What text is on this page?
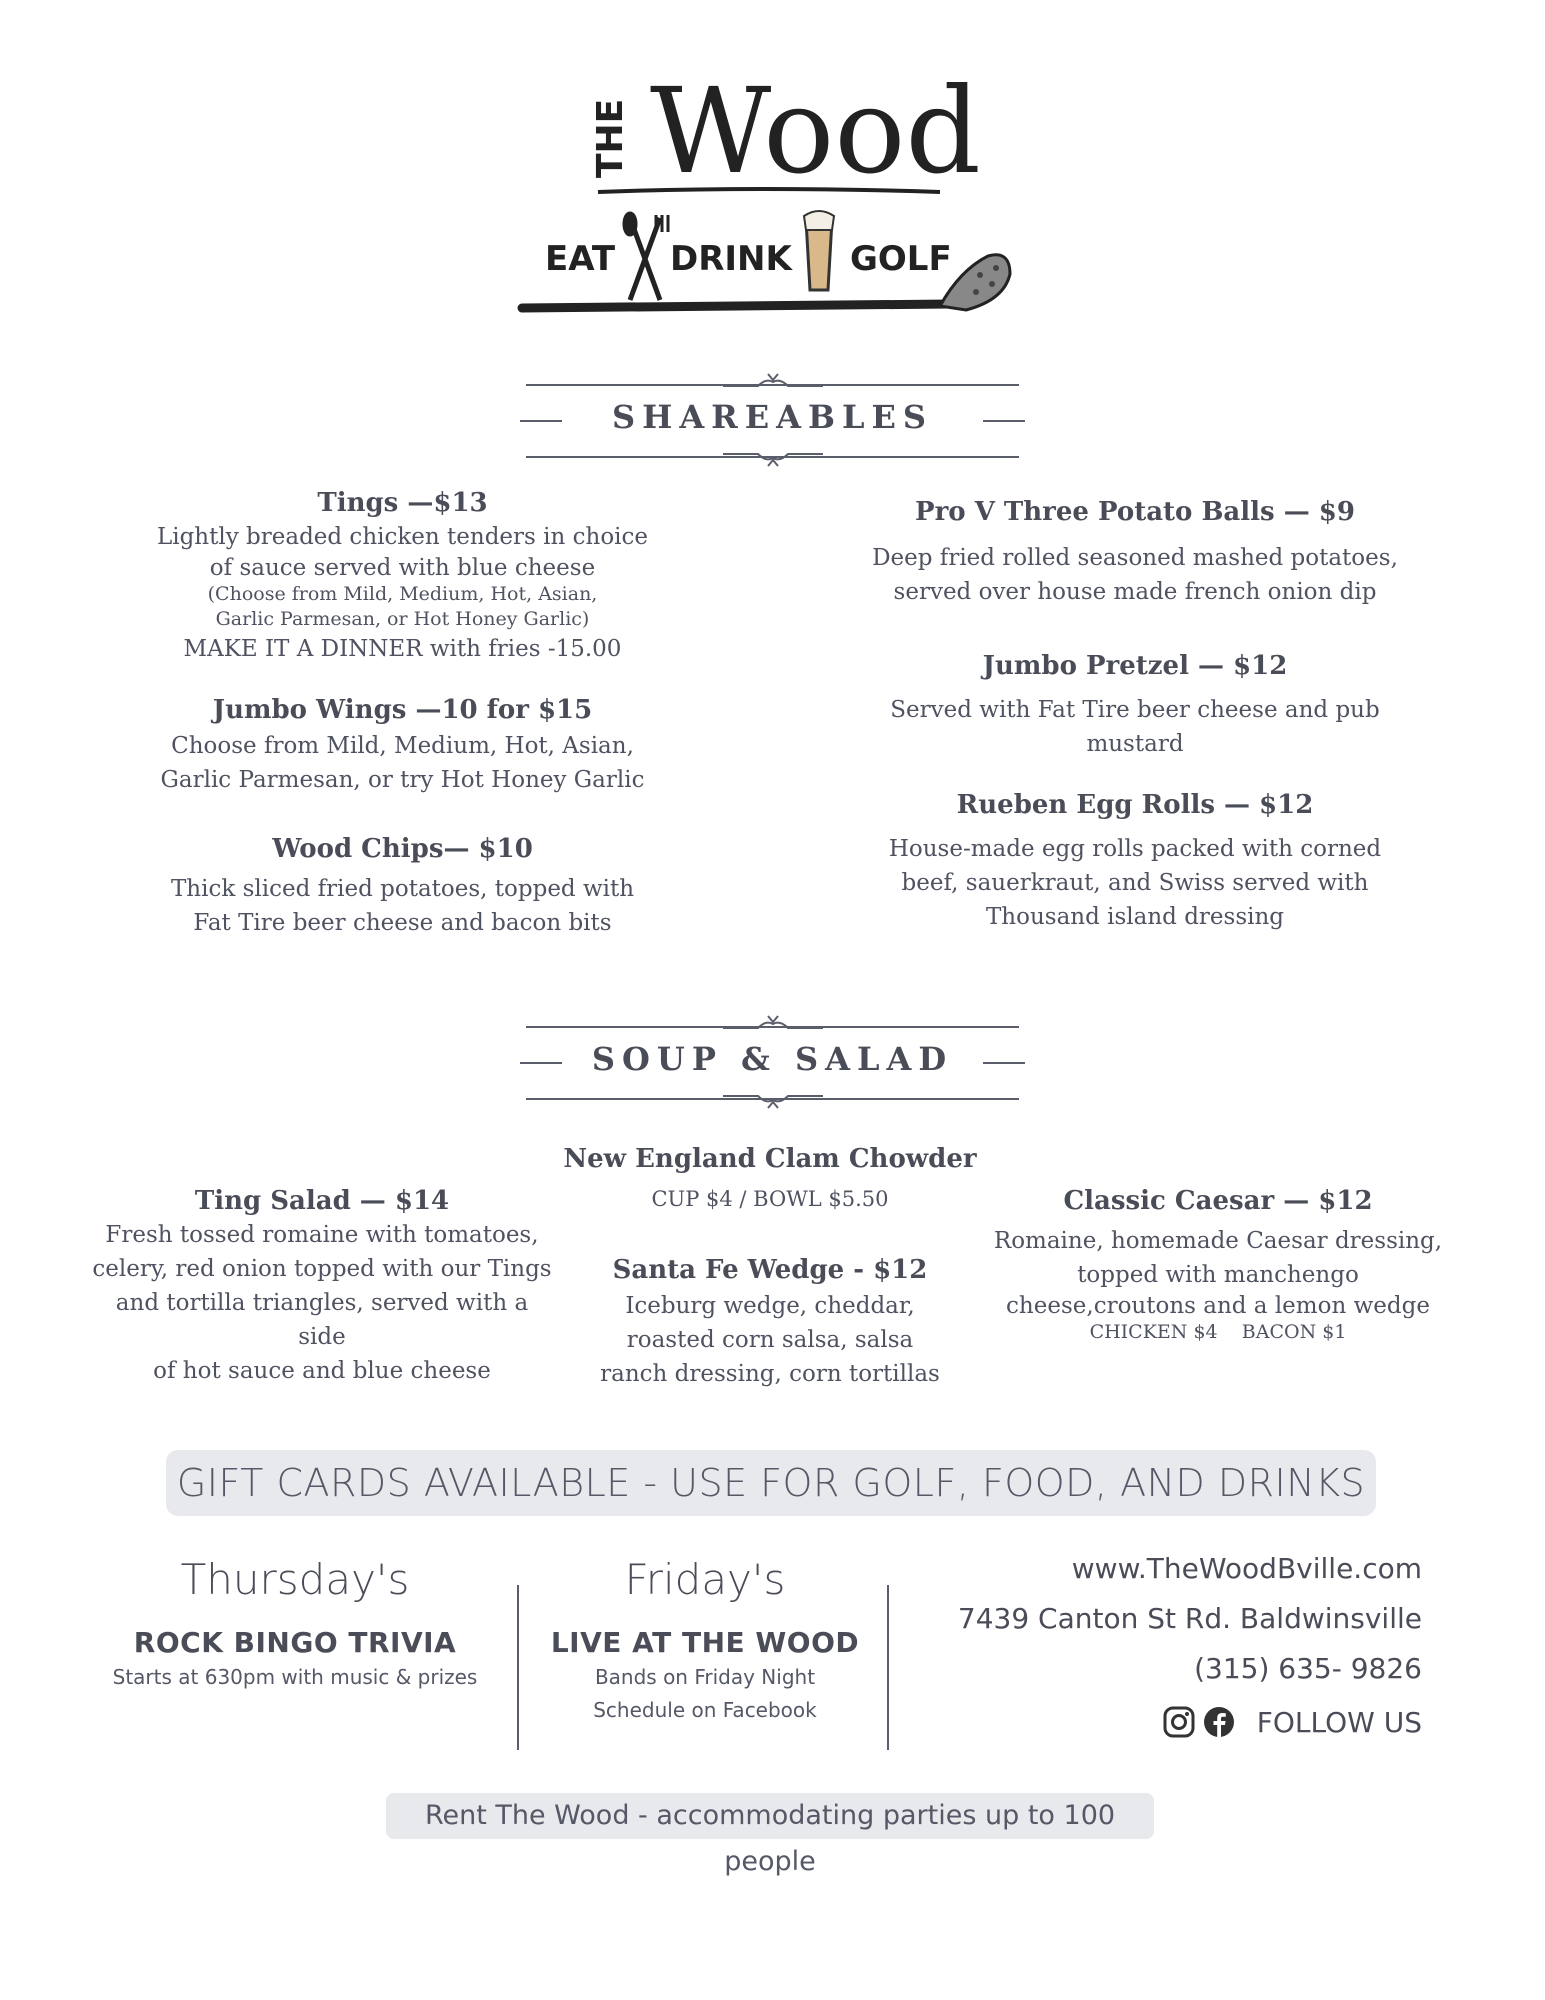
THE Wood
EAT DRINK GOLF
SHAREABLES
Tings —$13
Lightly breaded chicken tenders in choice
of sauce served with blue cheese
(Choose from Mild, Medium, Hot, Asian,
Garlic Parmesan, or Hot Honey Garlic)
MAKE IT A DINNER with fries -15.00
Jumbo Wings —10 for $15
Choose from Mild, Medium, Hot, Asian,
Garlic Parmesan, or try Hot Honey Garlic
Wood Chips— $10
Thick sliced fried potatoes, topped with
Fat Tire beer cheese and bacon bits
Pro V Three Potato Balls — $9
Deep fried rolled seasoned mashed potatoes,
served over house made french onion dip
Jumbo Pretzel — $12
Served with Fat Tire beer cheese and pub
mustard
Rueben Egg Rolls — $12
House-made egg rolls packed with corned
beef, sauerkraut, and Swiss served with
Thousand island dressing
SOUP & SALAD
Ting Salad — $14
Fresh tossed romaine with tomatoes,
celery, red onion topped with our Tings
and tortilla triangles, served with a side
of hot sauce and blue cheese
New England Clam Chowder
CUP $4 / BOWL $5.50
Santa Fe Wedge - $12
Iceburg wedge, cheddar,
roasted corn salsa, salsa
ranch dressing, corn tortillas
Classic Caesar — $12
Romaine, homemade Caesar dressing,
topped with manchengo
cheese,croutons and a lemon wedge
CHICKEN $4    BACON $1
GIFT CARDS AVAILABLE - USE FOR GOLF, FOOD, AND DRINKS
Thursday's
ROCK BINGO TRIVIA
Starts at 630pm with music & prizes
Friday's
LIVE AT THE WOOD
Bands on Friday Night
Schedule on Facebook
www.TheWoodBville.com
7439 Canton St Rd. Baldwinsville
(315) 635- 9826
FOLLOW US
Rent The Wood - accommodating parties up to 100 people
